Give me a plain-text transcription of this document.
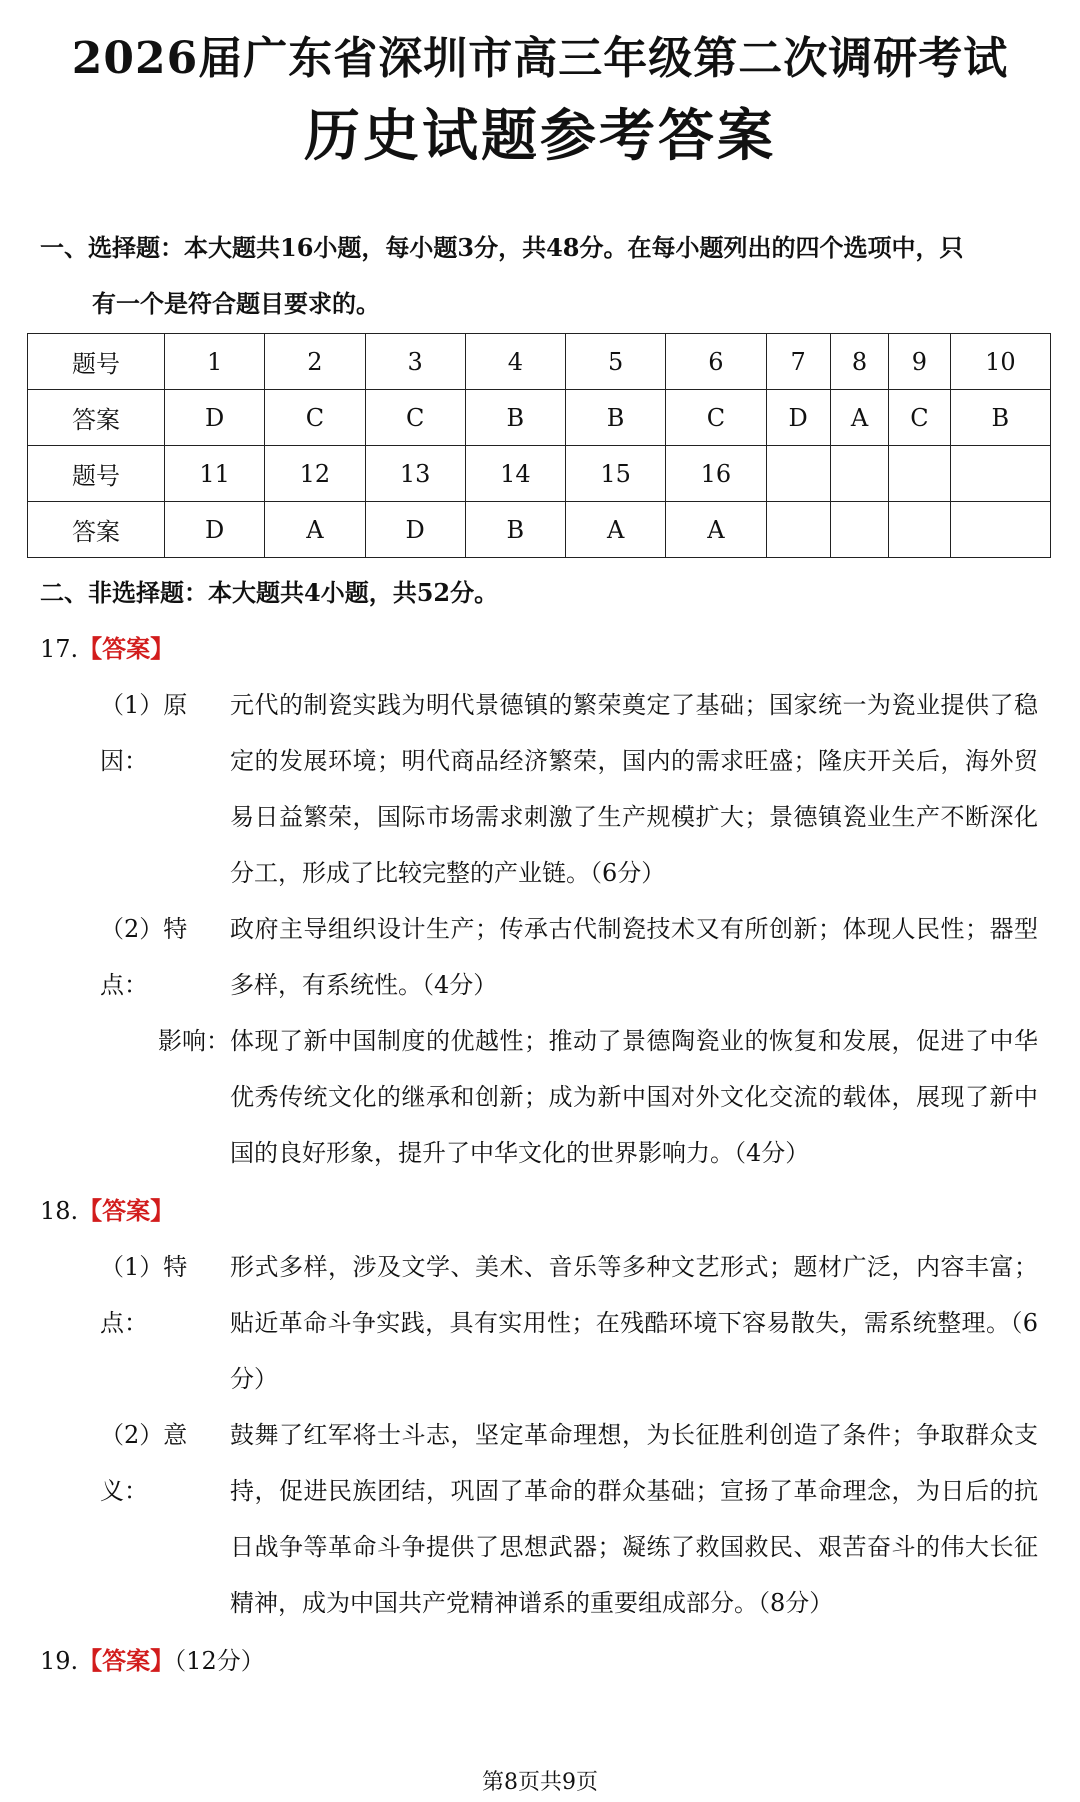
2026届广东省深圳市高三年级第二次调研考试
历史试题参考答案
一、选择题：本大题共16小题，每小题3分，共48分。在每小题列出的四个选项中，只
有一个是符合题目要求的。
题号	1	2	3	4	5	6	7	8	9	10
答案	D	C	C	B	B	C	D	A	C	B
题号	11	12	13	14	15	16				
答案	D	A	D	B	A	A				
二、非选择题：本大题共4小题，共52分。
17.【答案】
（1）原因：元代的制瓷实践为明代景德镇的繁荣奠定了基础；国家统一为瓷业提供了稳定的发展环境；明代商品经济繁荣，国内的需求旺盛；隆庆开关后，海外贸易日益繁荣，国际市场需求刺激了生产规模扩大；景德镇瓷业生产不断深化分工，形成了比较完整的产业链。（6分）
（2）特点：政府主导组织设计生产；传承古代制瓷技术又有所创新；体现人民性；器型多样，有系统性。（4分）
影响：体现了新中国制度的优越性；推动了景德陶瓷业的恢复和发展，促进了中华优秀传统文化的继承和创新；成为新中国对外文化交流的载体，展现了新中国的良好形象，提升了中华文化的世界影响力。（4分）
18.【答案】
（1）特点：形式多样，涉及文学、美术、音乐等多种文艺形式；题材广泛，内容丰富；贴近革命斗争实践，具有实用性；在残酷环境下容易散失，需系统整理。（6分）
（2）意义：鼓舞了红军将士斗志，坚定革命理想，为长征胜利创造了条件；争取群众支持，促进民族团结，巩固了革命的群众基础；宣扬了革命理念，为日后的抗日战争等革命斗争提供了思想武器；凝练了救国救民、艰苦奋斗的伟大长征精神，成为中国共产党精神谱系的重要组成部分。（8分）
19.【答案】（12分）
第8页共9页
